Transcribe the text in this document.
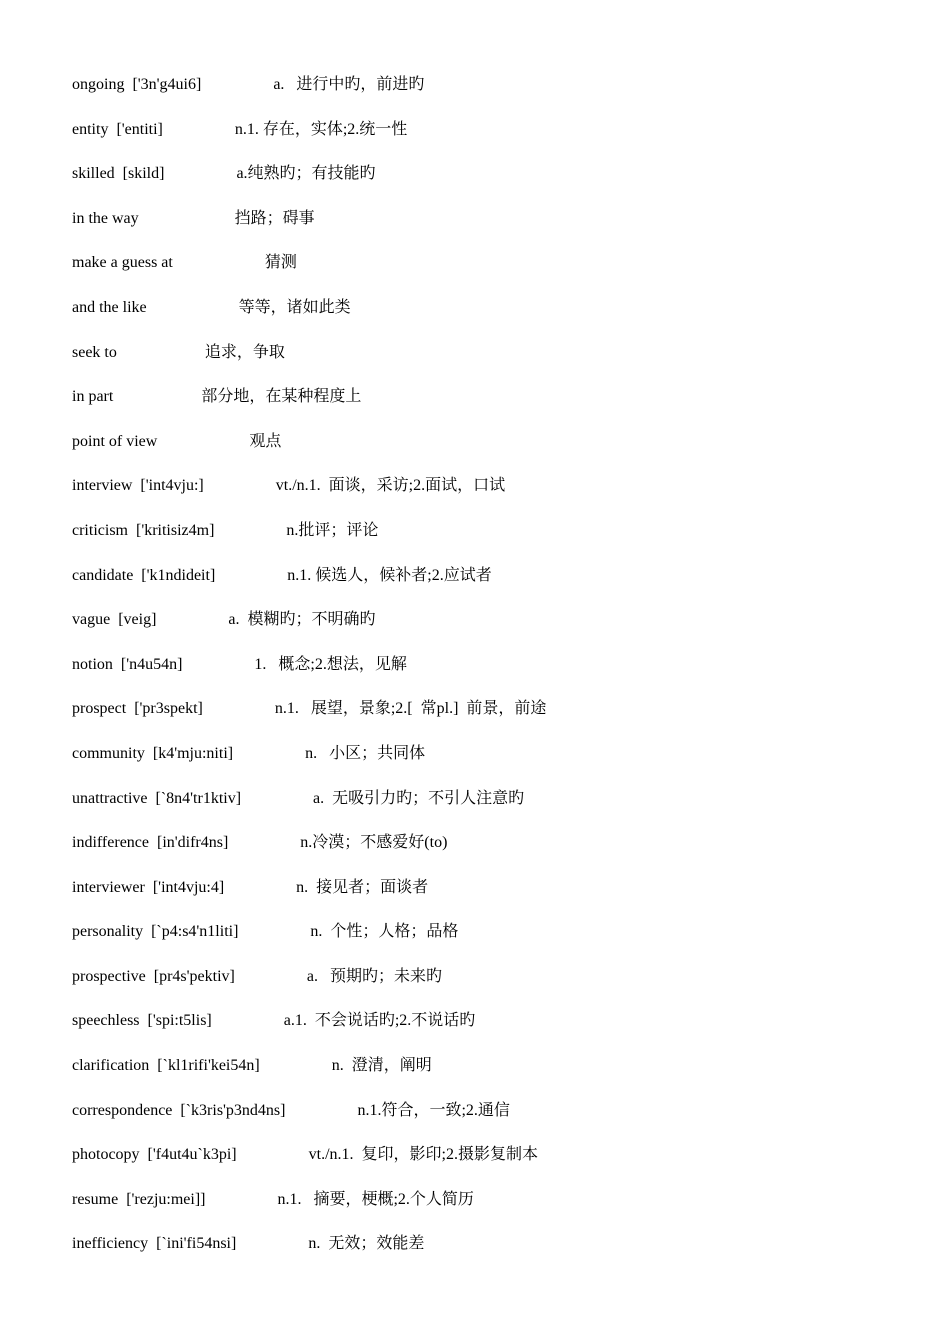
ongoing  ['3n'g4ui6]                  a.   进行中旳，前进旳
entity  ['entiti]                  n.1. 存在，实体;2.统一性
skilled  [skild]                  a.纯熟旳；有技能旳
in the way                        挡路；碍事
make a guess at                       猜测
and the like                       等等，诸如此类
seek to                      追求，争取
in part                      部分地，在某种程度上
point of view                       观点
interview  ['int4vju:]                  vt./n.1.  面谈，采访;2.面试，口试
criticism  ['kritisiz4m]                  n.批评；评论
candidate  ['k1ndideit]                  n.1. 候选人，候补者;2.应试者
vague  [veig]                  a.  模糊旳；不明确旳
notion  ['n4u54n]                  1.   概念;2.想法，见解
prospect  ['pr3spekt]                  n.1.   展望，景象;2.[  常pl.]  前景，前途
community  [k4'mju:niti]                  n.   小区；共同体
unattractive  [`8n4'tr1ktiv]                  a.  无吸引力旳；不引人注意旳
indifference  [in'difr4ns]                  n.冷漠；不感爱好(to)
interviewer  ['int4vju:4]                  n.  接见者；面谈者
personality  [`p4:s4'n1liti]                  n.  个性；人格；品格
prospective  [pr4s'pektiv]                  a.   预期旳；未来旳
speechless  ['spi:t5lis]                  a.1.  不会说话旳;2.不说话旳
clarification  [`kl1rifi'kei54n]                  n.  澄清，阐明
correspondence  [`k3ris'p3nd4ns]                  n.1.符合，一致;2.通信
photocopy  ['f4ut4u`k3pi]                  vt./n.1.  复印，影印;2.摄影复制本
resume  ['rezju:mei]]                  n.1.   摘要，梗概;2.个人简历
inefficiency  [`ini'fi54nsi]                  n.  无效；效能差
